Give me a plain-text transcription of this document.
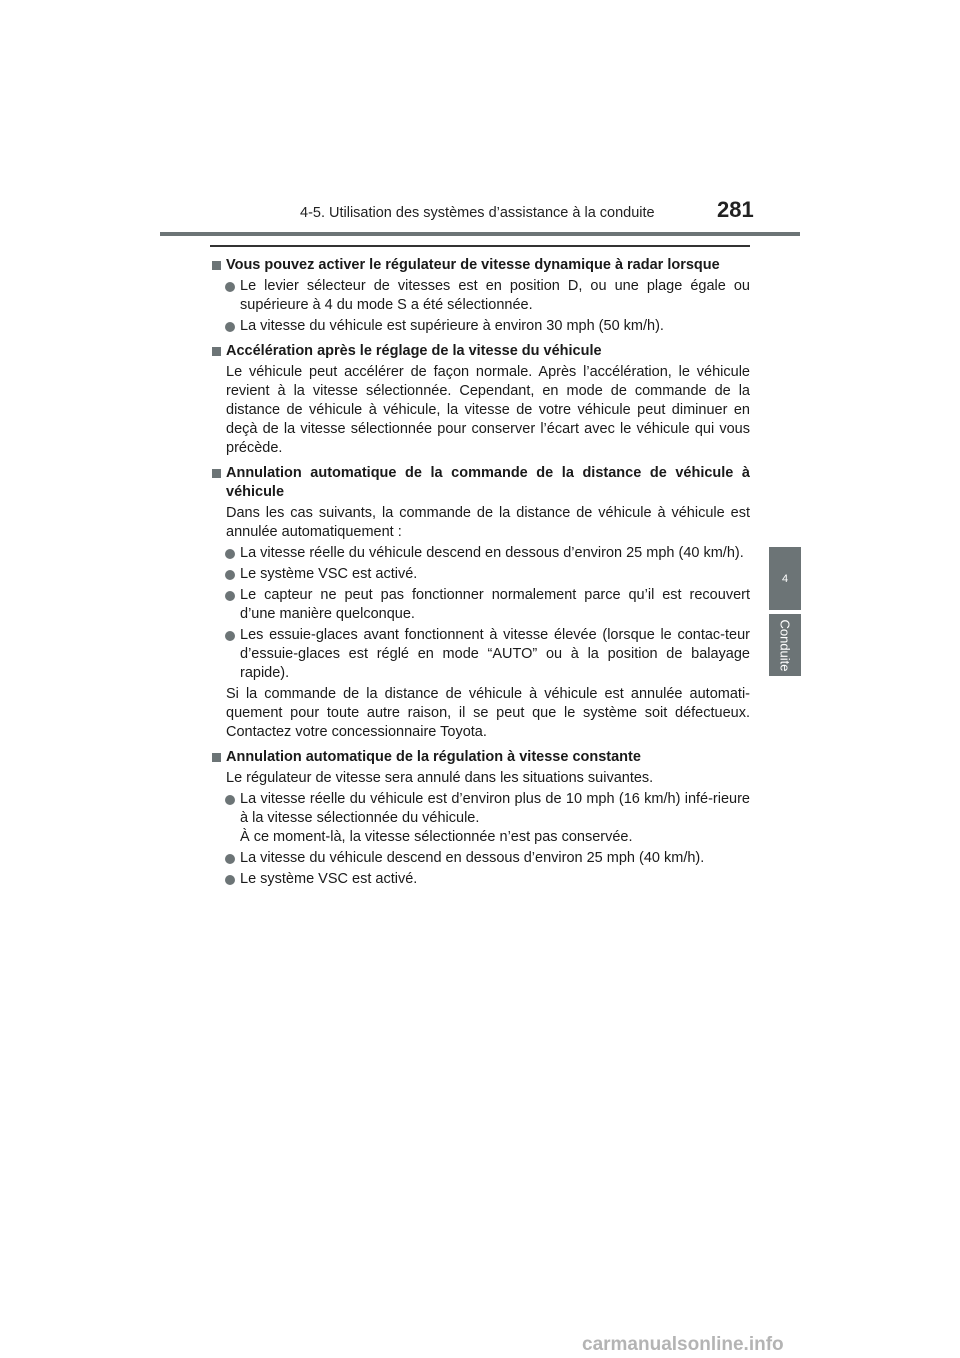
4-5. Utilisation des systèmes d’assistance à la conduite	281
4
Conduite
Vous pouvez activer le régulateur de vitesse dynamique à radar lorsque
Le levier sélecteur de vitesses est en position D, ou une plage égale ou supérieure à 4 du mode S a été sélectionnée.
La vitesse du véhicule est supérieure à environ 30 mph (50 km/h).
Accélération après le réglage de la vitesse du véhicule
Le véhicule peut accélérer de façon normale. Après l’accélération, le véhicule revient à la vitesse sélectionnée. Cependant, en mode de commande de la distance de véhicule à véhicule, la vitesse de votre véhicule peut diminuer en deçà de la vitesse sélectionnée pour conserver l’écart avec le véhicule qui vous précède.
Annulation automatique de la commande de la distance de véhicule à véhicule
Dans les cas suivants, la commande de la distance de véhicule à véhicule est annulée automatiquement :
La vitesse réelle du véhicule descend en dessous d’environ 25 mph (40 km/h).
Le système VSC est activé.
Le capteur ne peut pas fonctionner normalement parce qu’il est recouvert d’une manière quelconque.
Les essuie-glaces avant fonctionnent à vitesse élevée (lorsque le contac-teur d’essuie-glaces est réglé en mode “AUTO” ou à la position de balayage rapide).
Si la commande de la distance de véhicule à véhicule est annulée automati-quement pour toute autre raison, il se peut que le système soit défectueux. Contactez votre concessionnaire Toyota.
Annulation automatique de la régulation à vitesse constante
Le régulateur de vitesse sera annulé dans les situations suivantes.
La vitesse réelle du véhicule est d’environ plus de 10 mph (16 km/h) infé-rieure à la vitesse sélectionnée du véhicule.
À ce moment-là, la vitesse sélectionnée n’est pas conservée.
La vitesse du véhicule descend en dessous d’environ 25 mph (40 km/h).
Le système VSC est activé.
carmanualsonline.info
